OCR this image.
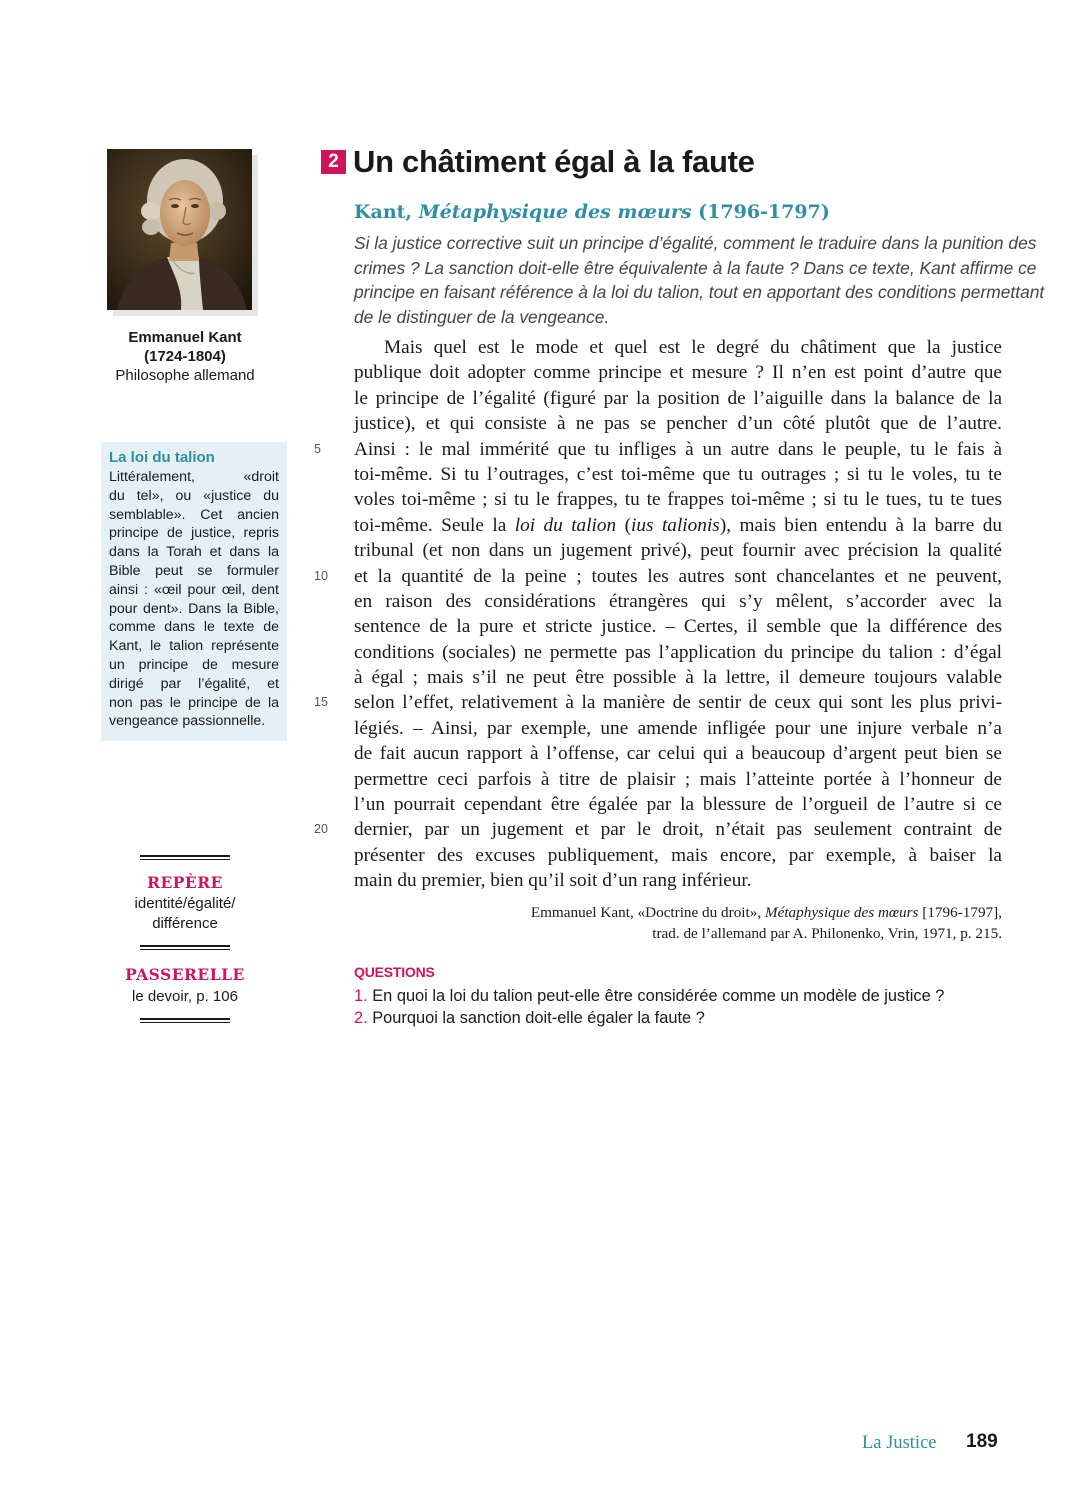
Emmanuel Kant
(1724-1804)
Philosophe allemand
La loi du talion
Littéralement, «droit
du tel», ou «justice du
semblable». Cet ancien
principe de justice, repris
dans la Torah et dans la
Bible peut se formuler
ainsi : «œil pour œil, dent
pour dent». Dans la Bible,
comme dans le texte de
Kant, le talion représente
un principe de mesure
dirigé par l’égalité, et
non pas le principe de la
vengeance passionnelle.
REPÈRE
identité/égalité/
différence
PASSERELLE
le devoir, p. 106
2 Un châtiment égal à la faute
Kant, Métaphysique des mœurs (1796-1797)
Si la justice corrective suit un principe d’égalité, comment le traduire dans la punition des
crimes ? La sanction doit-elle être équivalente à la faute ? Dans ce texte, Kant affirme ce
principe en faisant référence à la loi du talion, tout en apportant des conditions permettant
de le distinguer de la vengeance.
Mais quel est le mode et quel est le degré du châtiment que la justice
publique doit adopter comme principe et mesure ? Il n’en est point d’autre que
le principe de l’égalité (figuré par la position de l’aiguille dans la balance de la
justice), et qui consiste à ne pas se pencher d’un côté plutôt que de l’autre.
5	Ainsi : le mal immérité que tu infliges à un autre dans le peuple, tu le fais à
toi-même. Si tu l’outrages, c’est toi-même que tu outrages ; si tu le voles, tu te
voles toi-même ; si tu le frappes, tu te frappes toi-même ; si tu le tues, tu te tues
toi-même. Seule la loi du talion (ius talionis), mais bien entendu à la barre du
tribunal (et non dans un jugement privé), peut fournir avec précision la qualité
10	et la quantité de la peine ; toutes les autres sont chancelantes et ne peuvent,
en raison des considérations étrangères qui s’y mêlent, s’accorder avec la
sentence de la pure et stricte justice. – Certes, il semble que la différence des
conditions (sociales) ne permette pas l’application du principe du talion : d’égal
à égal ; mais s’il ne peut être possible à la lettre, il demeure toujours valable
15	selon l’effet, relativement à la manière de sentir de ceux qui sont les plus privi-
légiés. – Ainsi, par exemple, une amende infligée pour une injure verbale n’a
de fait aucun rapport à l’offense, car celui qui a beaucoup d’argent peut bien se
permettre ceci parfois à titre de plaisir ; mais l’atteinte portée à l’honneur de
l’un pourrait cependant être égalée par la blessure de l’orgueil de l’autre si ce
20	dernier, par un jugement et par le droit, n’était pas seulement contraint de
présenter des excuses publiquement, mais encore, par exemple, à baiser la
main du premier, bien qu’il soit d’un rang inférieur.
Emmanuel Kant, «Doctrine du droit», Métaphysique des mœurs [1796-1797],
trad. de l’allemand par A. Philonenko, Vrin, 1971, p. 215.
QUESTIONS
1. En quoi la loi du talion peut-elle être considérée comme un modèle de justice ?
2. Pourquoi la sanction doit-elle égaler la faute ?
La Justice 189
